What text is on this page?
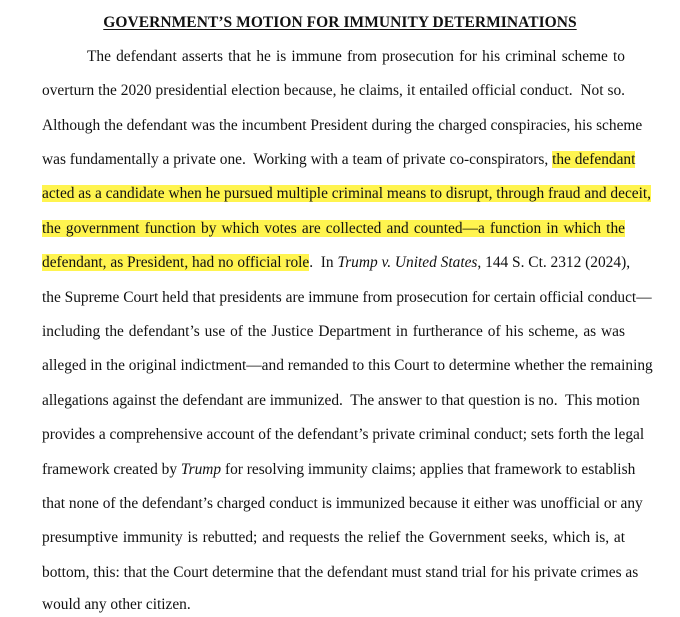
GOVERNMENT’S MOTION FOR IMMUNITY DETERMINATIONS
The defendant asserts that he is immune from prosecution for his criminal scheme to
overturn the 2020 presidential election because, he claims, it entailed official conduct.  Not so.
Although the defendant was the incumbent President during the charged conspiracies, his scheme
was fundamentally a private one.  Working with a team of private co-conspirators, the defendant
acted as a candidate when he pursued multiple criminal means to disrupt, through fraud and deceit,
the government function by which votes are collected and counted—a function in which the
defendant, as President, had no official role.  In Trump v. United States, 144 S. Ct. 2312 (2024),
the Supreme Court held that presidents are immune from prosecution for certain official conduct—
including the defendant’s use of the Justice Department in furtherance of his scheme, as was
alleged in the original indictment—and remanded to this Court to determine whether the remaining
allegations against the defendant are immunized.  The answer to that question is no.  This motion
provides a comprehensive account of the defendant’s private criminal conduct; sets forth the legal
framework created by Trump for resolving immunity claims; applies that framework to establish
that none of the defendant’s charged conduct is immunized because it either was unofficial or any
presumptive immunity is rebutted; and requests the relief the Government seeks, which is, at
bottom, this: that the Court determine that the defendant must stand trial for his private crimes as
would any other citizen.
